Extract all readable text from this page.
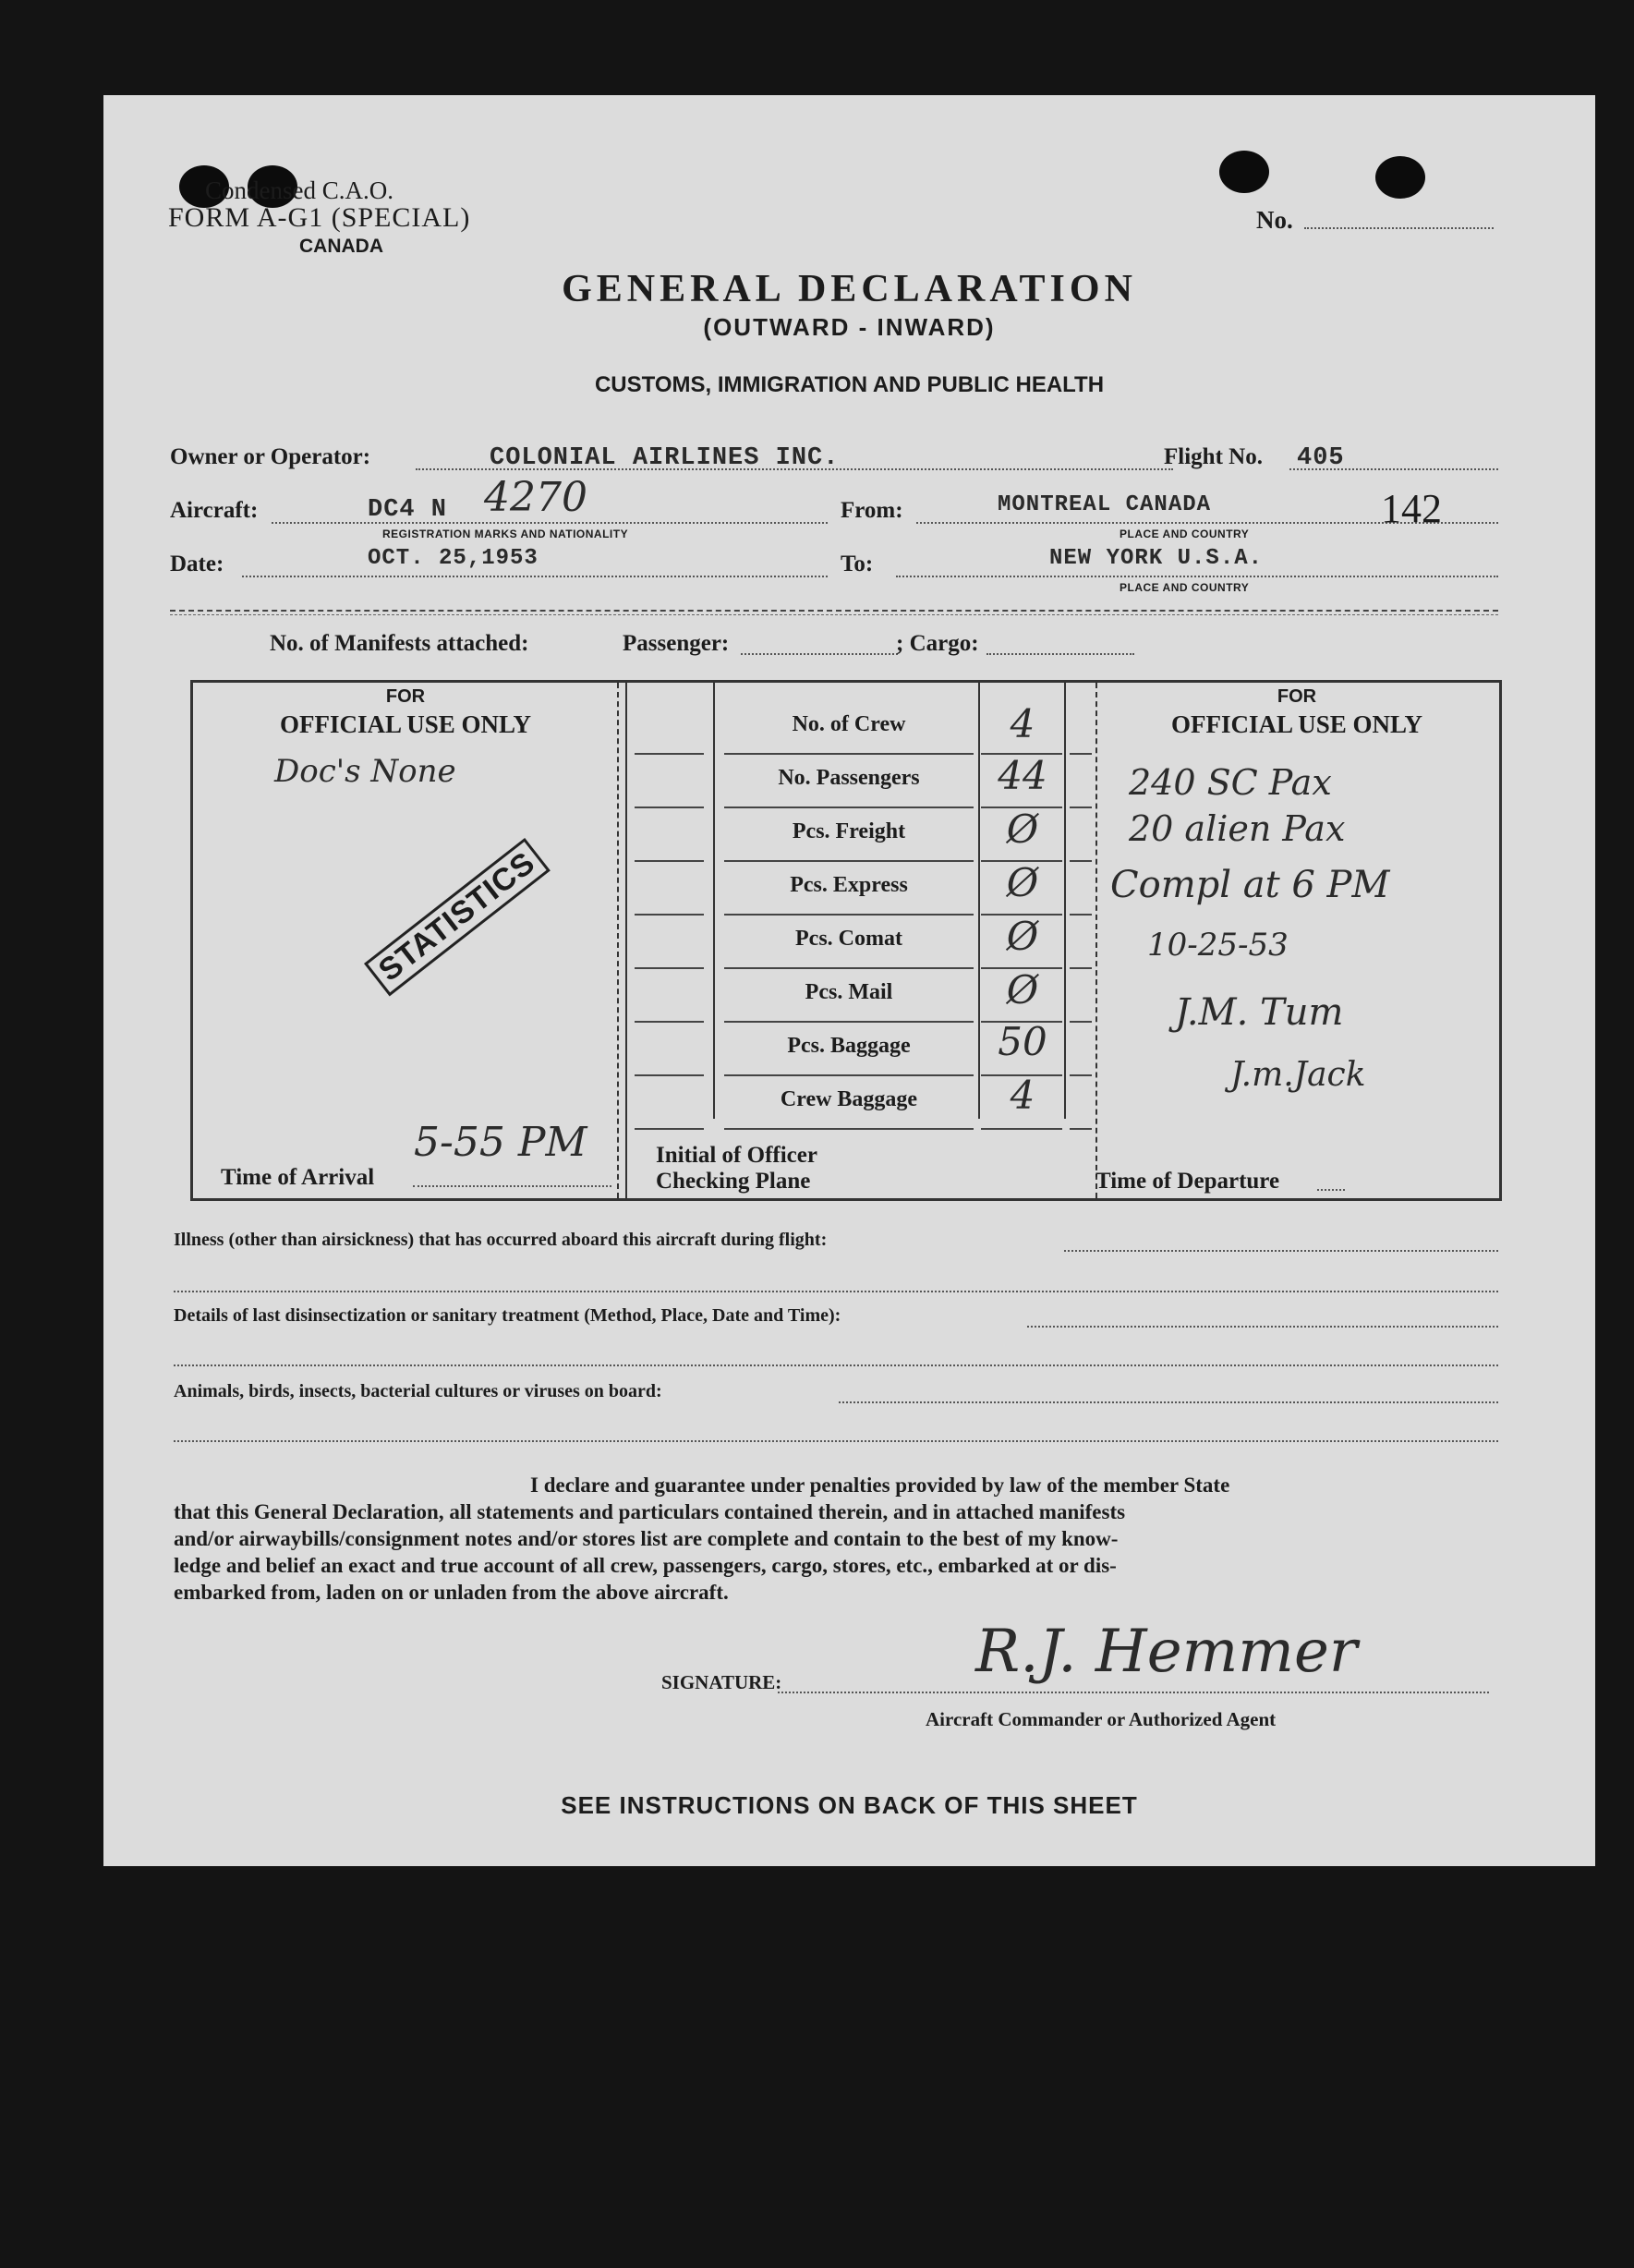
Condensed C.A.O.
FORM A-G1 (SPECIAL)
CANADA
No.
GENERAL DECLARATION
(OUTWARD - INWARD)
CUSTOMS, IMMIGRATION AND PUBLIC HEALTH
Owner or Operator:	COLONIAL AIRLINES INC.	Flight No. 405
Aircraft:	DC4 N 4270
REGISTRATION MARKS AND NATIONALITY
From:	MONTREAL CANADA
PLACE AND COUNTRY
142
Date:	OCT. 25,1953	To:	NEW YORK U.S.A.
PLACE AND COUNTRY
No. of Manifests attached:	Passenger:	; Cargo:
FOR
OFFICIAL USE ONLY
Doc's None
STATISTICS
FOR
OFFICIAL USE ONLY
No. of Crew	4
No. Passengers	44
Pcs. Freight	Ø
Pcs. Express	Ø
Pcs. Comat	Ø
Pcs. Mail	Ø
Pcs. Baggage	50
Crew Baggage	4
240 SC Pax
20 alien Pax
Compl at 6 PM
10-25-53
J.M. Tum
J.m.Jack
Time of Arrival
5-55 PM	Initial of Officer
Checking Plane	Time of Departure
Illness (other than airsickness) that has occurred aboard this aircraft during flight:
Details of last disinsectization or sanitary treatment (Method, Place, Date and Time):
Animals, birds, insects, bacterial cultures or viruses on board:
I declare and guarantee under penalties provided by law of the member State
that this General Declaration, all statements and particulars contained therein, and in attached manifests
and/or airwaybills/consignment notes and/or stores list are complete and contain to the best of my know-
ledge and belief an exact and true account of all crew, passengers, cargo, stores, etc., embarked at or dis-
embarked from, laden on or unladen from the above aircraft.
SIGNATURE:	R.J. Hemmer
Aircraft Commander or Authorized Agent
SEE INSTRUCTIONS ON BACK OF THIS SHEET
